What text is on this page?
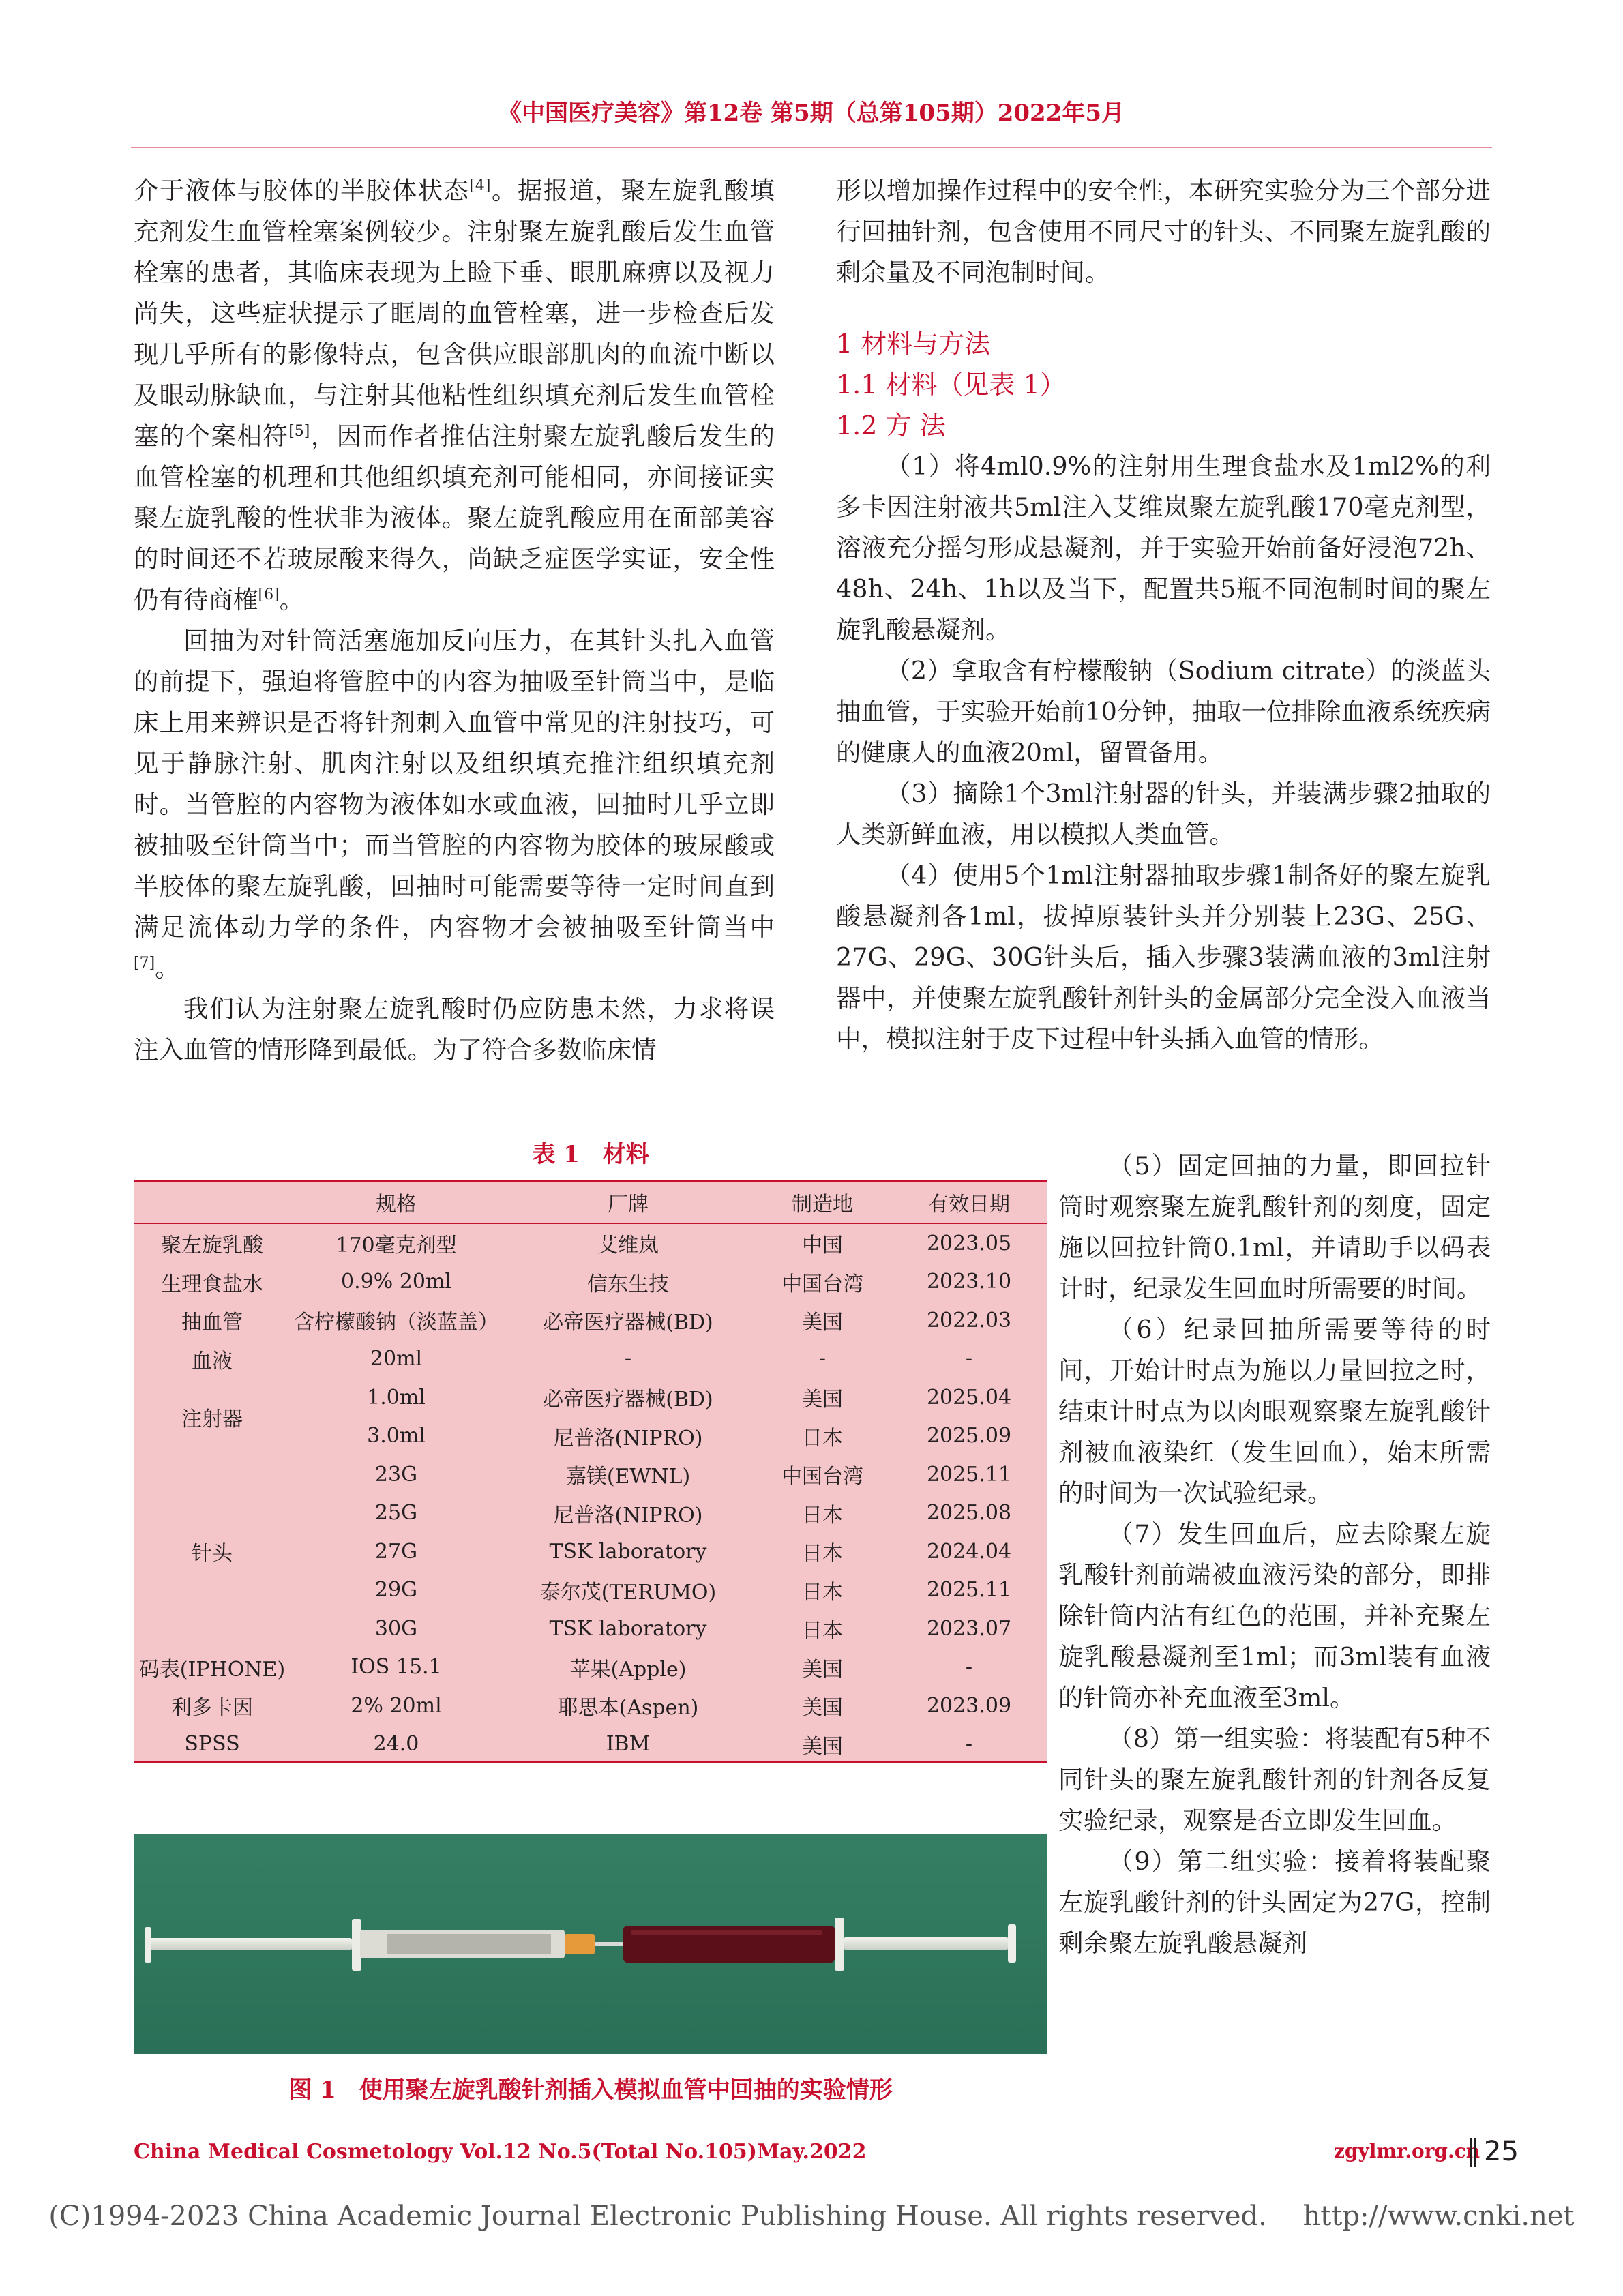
《中国医疗美容》第12卷 第5期（总第105期）2022年5月

介于液体与胶体的半胶体状态[4]。据报道，聚左旋乳酸填充剂发生血管栓塞案例较少。注射聚左旋乳酸后发生血管栓塞的患者，其临床表现为上睑下垂、眼肌麻痹以及视力尚失，这些症状提示了眶周的血管栓塞，进一步检查后发现几乎所有的影像特点，包含供应眼部肌肉的血流中断以及眼动脉缺血，与注射其他粘性组织填充剂后发生血管栓塞的个案相符[5]，因而作者推估注射聚左旋乳酸后发生的血管栓塞的机理和其他组织填充剂可能相同，亦间接证实聚左旋乳酸的性状非为液体。聚左旋乳酸应用在面部美容的时间还不若玻尿酸来得久，尚缺乏症医学实证，安全性仍有待商榷[6]。

回抽为对针筒活塞施加反向压力，在其针头扎入血管的前提下，强迫将管腔中的内容为抽吸至针筒当中，是临床上用来辨识是否将针剂刺入血管中常见的注射技巧，可见于静脉注射、肌肉注射以及组织填充推注组织填充剂时。当管腔的内容物为液体如水或血液，回抽时几乎立即被抽吸至针筒当中；而当管腔的内容物为胶体的玻尿酸或半胶体的聚左旋乳酸，回抽时可能需要等待一定时间直到满足流体动力学的条件，内容物才会被抽吸至针筒当中[7]。

我们认为注射聚左旋乳酸时仍应防患未然，力求将误注入血管的情形降到最低。为了符合多数临床情

形以增加操作过程中的安全性，本研究实验分为三个部分进行回抽针剂，包含使用不同尺寸的针头、不同聚左旋乳酸的剩余量及不同泡制时间。

1 材料与方法

1.1 材料（见表 1）

1.2 方 法

（1）将4ml0.9%的注射用生理食盐水及1ml2%的利多卡因注射液共5ml注入艾维岚聚左旋乳酸170毫克剂型，溶液充分摇匀形成悬凝剂，并于实验开始前备好浸泡72h、48h、24h、1h以及当下，配置共5瓶不同泡制时间的聚左旋乳酸悬凝剂。

（2）拿取含有柠檬酸钠（Sodium citrate）的淡蓝头抽血管，于实验开始前10分钟，抽取一位排除血液系统疾病的健康人的血液20ml，留置备用。

（3）摘除1个3ml注射器的针头，并装满步骤2抽取的人类新鲜血液，用以模拟人类血管。

（4）使用5个1ml注射器抽取步骤1制备好的聚左旋乳酸悬凝剂各1ml，拔掉原装针头并分别装上23G、25G、27G、29G、30G针头后，插入步骤3装满血液的3ml注射器中，并使聚左旋乳酸针剂针头的金属部分完全没入血液当中，模拟注射于皮下过程中针头插入血管的情形。

（5）固定回抽的力量，即回拉针筒时观察聚左旋乳酸针剂的刻度，固定施以回拉针筒0.1ml，并请助手以码表计时，纪录发生回血时所需要的时间。

（6）纪录回抽所需要等待的时间，开始计时点为施以力量回拉之时，结束计时点为以肉眼观察聚左旋乳酸针剂被血液染红（发生回血），始末所需的时间为一次试验纪录。

（7）发生回血后，应去除聚左旋乳酸针剂前端被血液污染的部分，即排除针筒内沾有红色的范围，并补充聚左旋乳酸悬凝剂至1ml；而3ml装有血液的针筒亦补充血液至3ml。

（8）第一组实验：将装配有5种不同针头的聚左旋乳酸针剂的针剂各反复实验纪录，观察是否立即发生回血。

（9）第二组实验：接着将装配聚左旋乳酸针剂的针头固定为27G，控制剩余聚左旋乳酸悬凝剂

表 1　材料
	规格	厂牌	制造地	有效日期
聚左旋乳酸	170毫克剂型	艾维岚	中国	2023.05
生理食盐水	0.9% 20ml	信东生技	中国台湾	2023.10
抽血管	含柠檬酸钠（淡蓝盖）	必帝医疗器械(BD)	美国	2022.03
血液	20ml	-	-	-
注射器	1.0ml	必帝医疗器械(BD)	美国	2025.04
	3.0ml	尼普洛(NIPRO)	日本	2025.09
针头	23G	嘉镁(EWNL)	中国台湾	2025.11
	25G	尼普洛(NIPRO)	日本	2025.08
	27G	TSK laboratory	日本	2024.04
	29G	泰尔茂(TERUMO)	日本	2025.11
	30G	TSK laboratory	日本	2023.07
码表(IPHONE)	IOS 15.1	苹果(Apple)	美国	-
利多卡因	2% 20ml	耶思本(Aspen)	美国	2023.09
SPSS	24.0	IBM	美国	-
图 1　使用聚左旋乳酸针剂插入模拟血管中回抽的实验情形
China Medical Cosmetology Vol.12 No.5(Total No.105)May.2022	zgylmr.org.cn 25
(C)1994-2023 China Academic Journal Electronic Publishing House. All rights reserved.　 http://www.cnki.net
